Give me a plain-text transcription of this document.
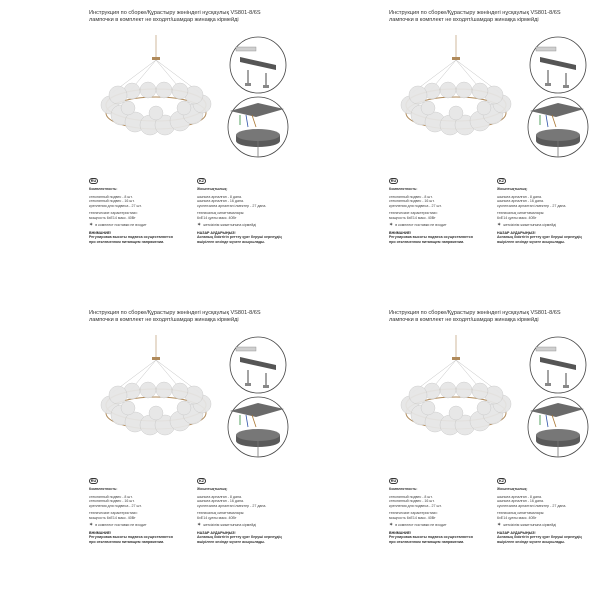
Инструкция по сборке/Құрастыру жөніндегі нұсқаулық VS801-8/6S
лампочки в комплект не входят/шамдар жинаққа кірмейді
RU
Комплектность:
стеклянный подвес - 8 шт.
стеклянный подвес - 16 шт.
крепления для подвеса - 27 шт.
технические характеристики:
мощность 6хЕ14 макс. 40Вт
✶ в комплект поставки не входит
ВНИМАНИЕ!
Регулировка высоты подвеса осуществляется
при отключенном питающем напряжении.
KZ
Жиынтықтылық:
шыныға арналған - 8 дана.
шыныға арналған - 16 дана.
суспензияға арналған ілмектер - 27 дана.
техникалық сипаттамалары:
6хЕ14 қуаты макс. 40Вт
✶ жеткізілім жиынтығына кірмейді
НАЗАР АУДАРЫҢЫЗ!
Аспаның биіктігін реттеу қуат берушi кернеудің
өшірілген кезінде жүзеге асырылады.
Инструкция по сборке/Құрастыру жөніндегі нұсқаулық VS801-8/6S
лампочки в комплект не входят/шамдар жинаққа кірмейді
RU
Комплектность:
стеклянный подвес - 8 шт.
стеклянный подвес - 16 шт.
крепления для подвеса - 27 шт.
технические характеристики:
мощность 6хЕ14 макс. 40Вт
✶ в комплект поставки не входит
ВНИМАНИЕ!
Регулировка высоты подвеса осуществляется
при отключенном питающем напряжении.
KZ
Жиынтықтылық:
шыныға арналған - 8 дана.
шыныға арналған - 16 дана.
суспензияға арналған ілмектер - 27 дана.
техникалық сипаттамалары:
6хЕ14 қуаты макс. 40Вт
✶ жеткізілім жиынтығына кірмейді
НАЗАР АУДАРЫҢЫЗ!
Аспаның биіктігін реттеу қуат берушi кернеудің
өшірілген кезінде жүзеге асырылады.
Инструкция по сборке/Құрастыру жөніндегі нұсқаулық VS801-8/6S
лампочки в комплект не входят/шамдар жинаққа кірмейді
RU
Комплектность:
стеклянный подвес - 8 шт.
стеклянный подвес - 16 шт.
крепления для подвеса - 27 шт.
технические характеристики:
мощность 6хЕ14 макс. 40Вт
✶ в комплект поставки не входит
ВНИМАНИЕ!
Регулировка высоты подвеса осуществляется
при отключенном питающем напряжении.
KZ
Жиынтықтылық:
шыныға арналған - 8 дана.
шыныға арналған - 16 дана.
суспензияға арналған ілмектер - 27 дана.
техникалық сипаттамалары:
6хЕ14 қуаты макс. 40Вт
✶ жеткізілім жиынтығына кірмейді
НАЗАР АУДАРЫҢЫЗ!
Аспаның биіктігін реттеу қуат берушi кернеудің
өшірілген кезінде жүзеге асырылады.
Инструкция по сборке/Құрастыру жөніндегі нұсқаулық VS801-8/6S
лампочки в комплект не входят/шамдар жинаққа кірмейді
RU
Комплектность:
стеклянный подвес - 8 шт.
стеклянный подвес - 16 шт.
крепления для подвеса - 27 шт.
технические характеристики:
мощность 6хЕ14 макс. 40Вт
✶ в комплект поставки не входит
ВНИМАНИЕ!
Регулировка высоты подвеса осуществляется
при отключенном питающем напряжении.
KZ
Жиынтықтылық:
шыныға арналған - 8 дана.
шыныға арналған - 16 дана.
суспензияға арналған ілмектер - 27 дана.
техникалық сипаттамалары:
6хЕ14 қуаты макс. 40Вт
✶ жеткізілім жиынтығына кірмейді
НАЗАР АУДАРЫҢЫЗ!
Аспаның биіктігін реттеу қуат берушi кернеудің
өшірілген кезінде жүзеге асырылады.
